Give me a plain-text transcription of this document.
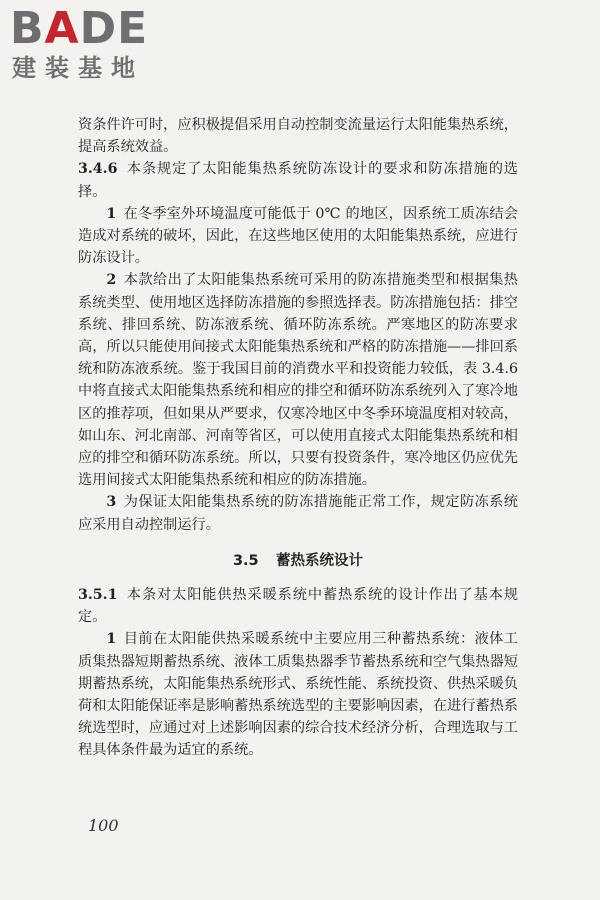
BADE
建装基地

资条件许可时，应积极提倡采用自动控制变流量运行太阳能集热系统，提高系统效益。

3.4.6 本条规定了太阳能集热系统防冻设计的要求和防冻措施的选择。

1 在冬季室外环境温度可能低于 0℃ 的地区，因系统工质冻结会造成对系统的破坏，因此，在这些地区使用的太阳能集热系统，应进行防冻设计。

2 本款给出了太阳能集热系统可采用的防冻措施类型和根据集热系统类型、使用地区选择防冻措施的参照选择表。防冻措施包括：排空系统、排回系统、防冻液系统、循环防冻系统。严寒地区的防冻要求高，所以只能使用间接式太阳能集热系统和严格的防冻措施——排回系统和防冻液系统。鉴于我国目前的消费水平和投资能力较低，表 3.4.6 中将直接式太阳能集热系统和相应的排空和循环防冻系统列入了寒冷地区的推荐项，但如果从严要求，仅寒冷地区中冬季环境温度相对较高，如山东、河北南部、河南等省区，可以使用直接式太阳能集热系统和相应的排空和循环防冻系统。所以，只要有投资条件，寒冷地区仍应优先选用间接式太阳能集热系统和相应的防冻措施。

3 为保证太阳能集热系统的防冻措施能正常工作，规定防冻系统应采用自动控制运行。

3.5 蓄热系统设计

3.5.1 本条对太阳能供热采暖系统中蓄热系统的设计作出了基本规定。

1 目前在太阳能供热采暖系统中主要应用三种蓄热系统：液体工质集热器短期蓄热系统、液体工质集热器季节蓄热系统和空气集热器短期蓄热系统，太阳能集热系统形式、系统性能、系统投资、供热采暖负荷和太阳能保证率是影响蓄热系统选型的主要影响因素，在进行蓄热系统选型时，应通过对上述影响因素的综合技术经济分析，合理选取与工程具体条件最为适宜的系统。

100
